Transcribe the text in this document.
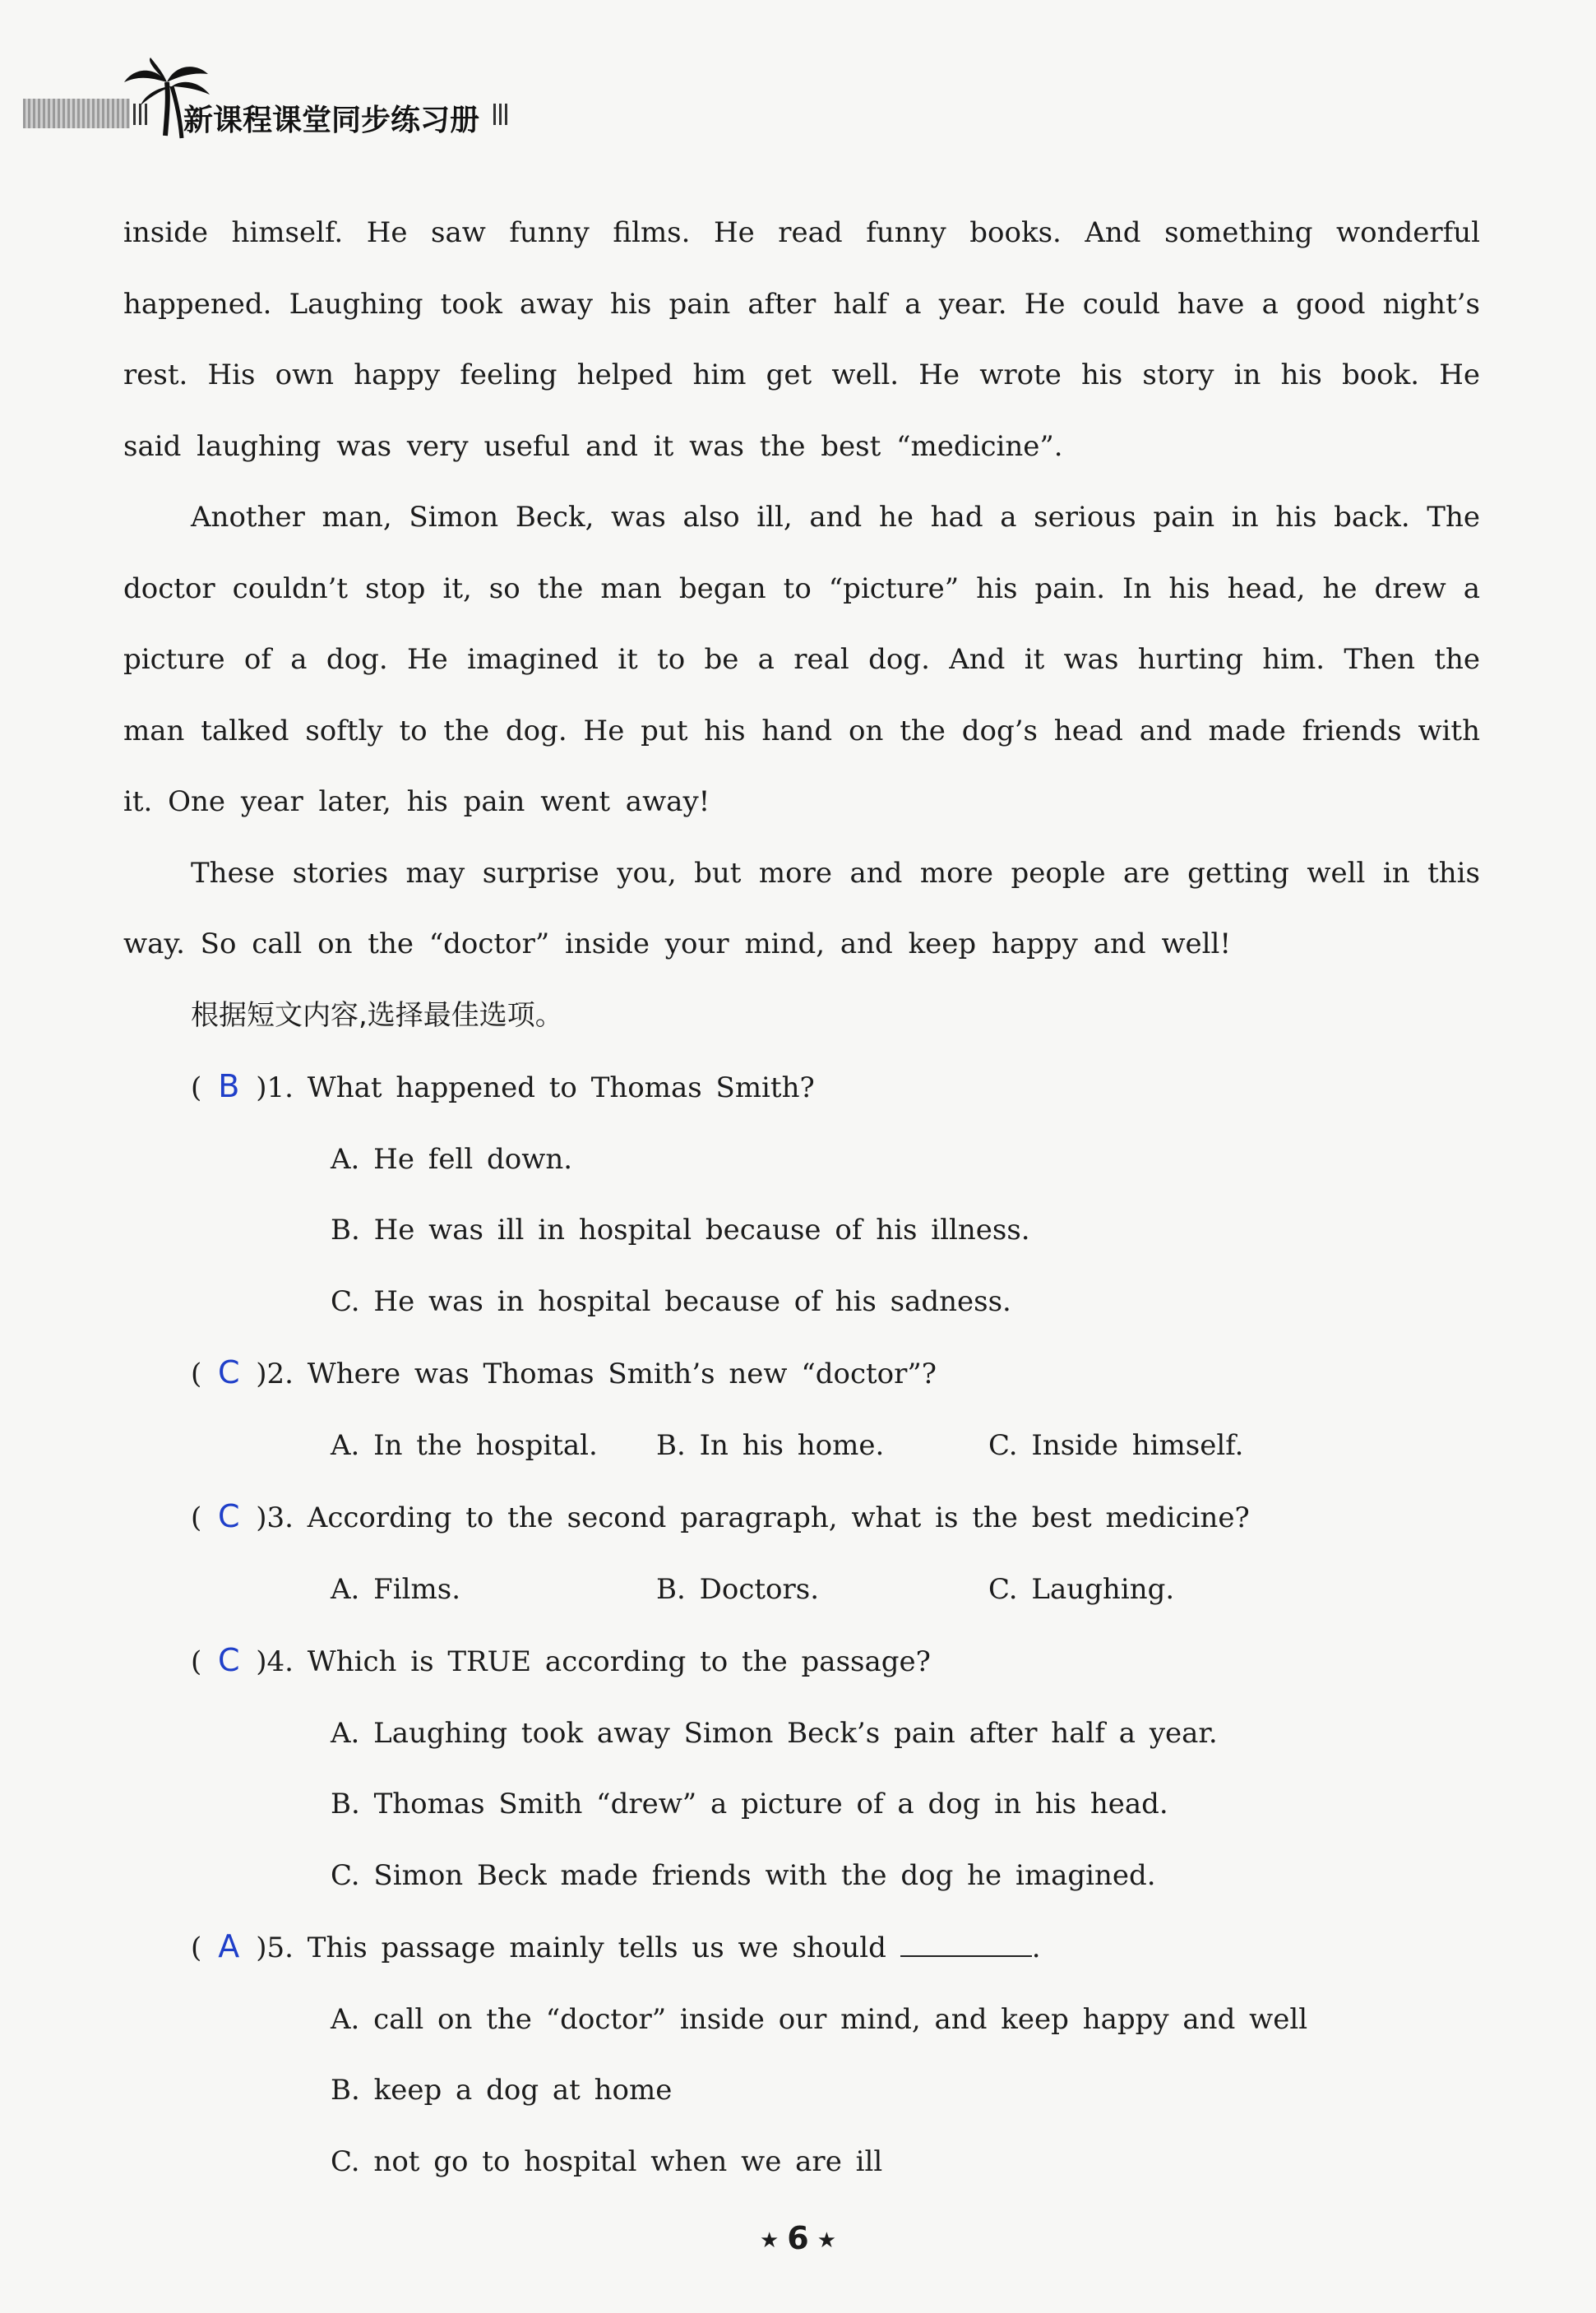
新课程课堂同步练习册

inside himself. He saw funny films. He read funny books. And something wonderful happened. Laughing took away his pain after half a year. He could have a good night’s rest. His own happy feeling helped him get well. He wrote his story in his book. He said laughing was very useful and it was the best “medicine”.

Another man, Simon Beck, was also ill, and he had a serious pain in his back. The doctor couldn’t stop it, so the man began to “picture” his pain. In his head, he drew a picture of a dog. He imagined it to be a real dog. And it was hurting him. Then the man talked softly to the dog. He put his hand on the dog’s head and made friends with it. One year later, his pain went away!

These stories may surprise you, but more and more people are getting well in this way. So call on the “doctor” inside your mind, and keep happy and well!

根据短文内容,选择最佳选项。
( B )1. What happened to Thomas Smith?
A. He fell down.
B. He was ill in hospital because of his illness.
C. He was in hospital because of his sadness.
( C )2. Where was Thomas Smith’s new “doctor”?
A. In the hospital.	B. In his home.	C. Inside himself.
( C )3. According to the second paragraph, what is the best medicine?
A. Films.	B. Doctors.	C. Laughing.
( C )4. Which is TRUE according to the passage?
A. Laughing took away Simon Beck’s pain after half a year.
B. Thomas Smith “drew” a picture of a dog in his head.
C. Simon Beck made friends with the dog he imagined.
( A )5. This passage mainly tells us we should	.
A. call on the “doctor” inside our mind, and keep happy and well
B. keep a dog at home
C. not go to hospital when we are ill
★ 6 ★
